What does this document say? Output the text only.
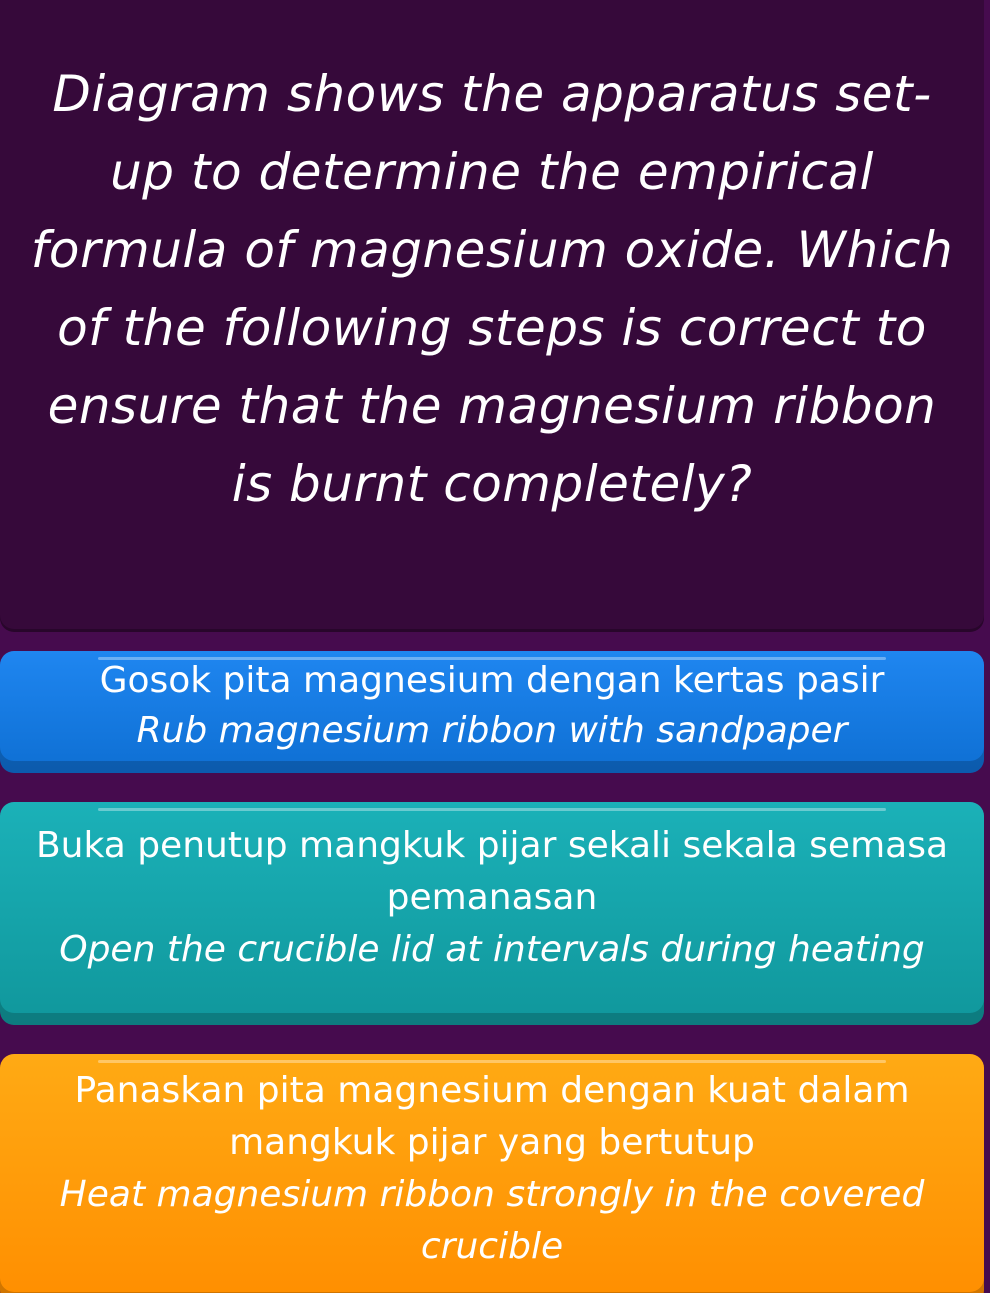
Diagram shows the apparatus set-up to determine the empirical formula of magnesium oxide. Which of the following steps is correct to ensure that the magnesium ribbon is burnt completely?

Gosok pita magnesium dengan kertas pasir
Rub magnesium ribbon with sandpaper
Buka penutup mangkuk pijar sekali sekala semasa pemanasan
Open the crucible lid at intervals during heating
Panaskan pita magnesium dengan kuat dalam mangkuk pijar yang bertutup
Heat magnesium ribbon strongly in the covered crucible
